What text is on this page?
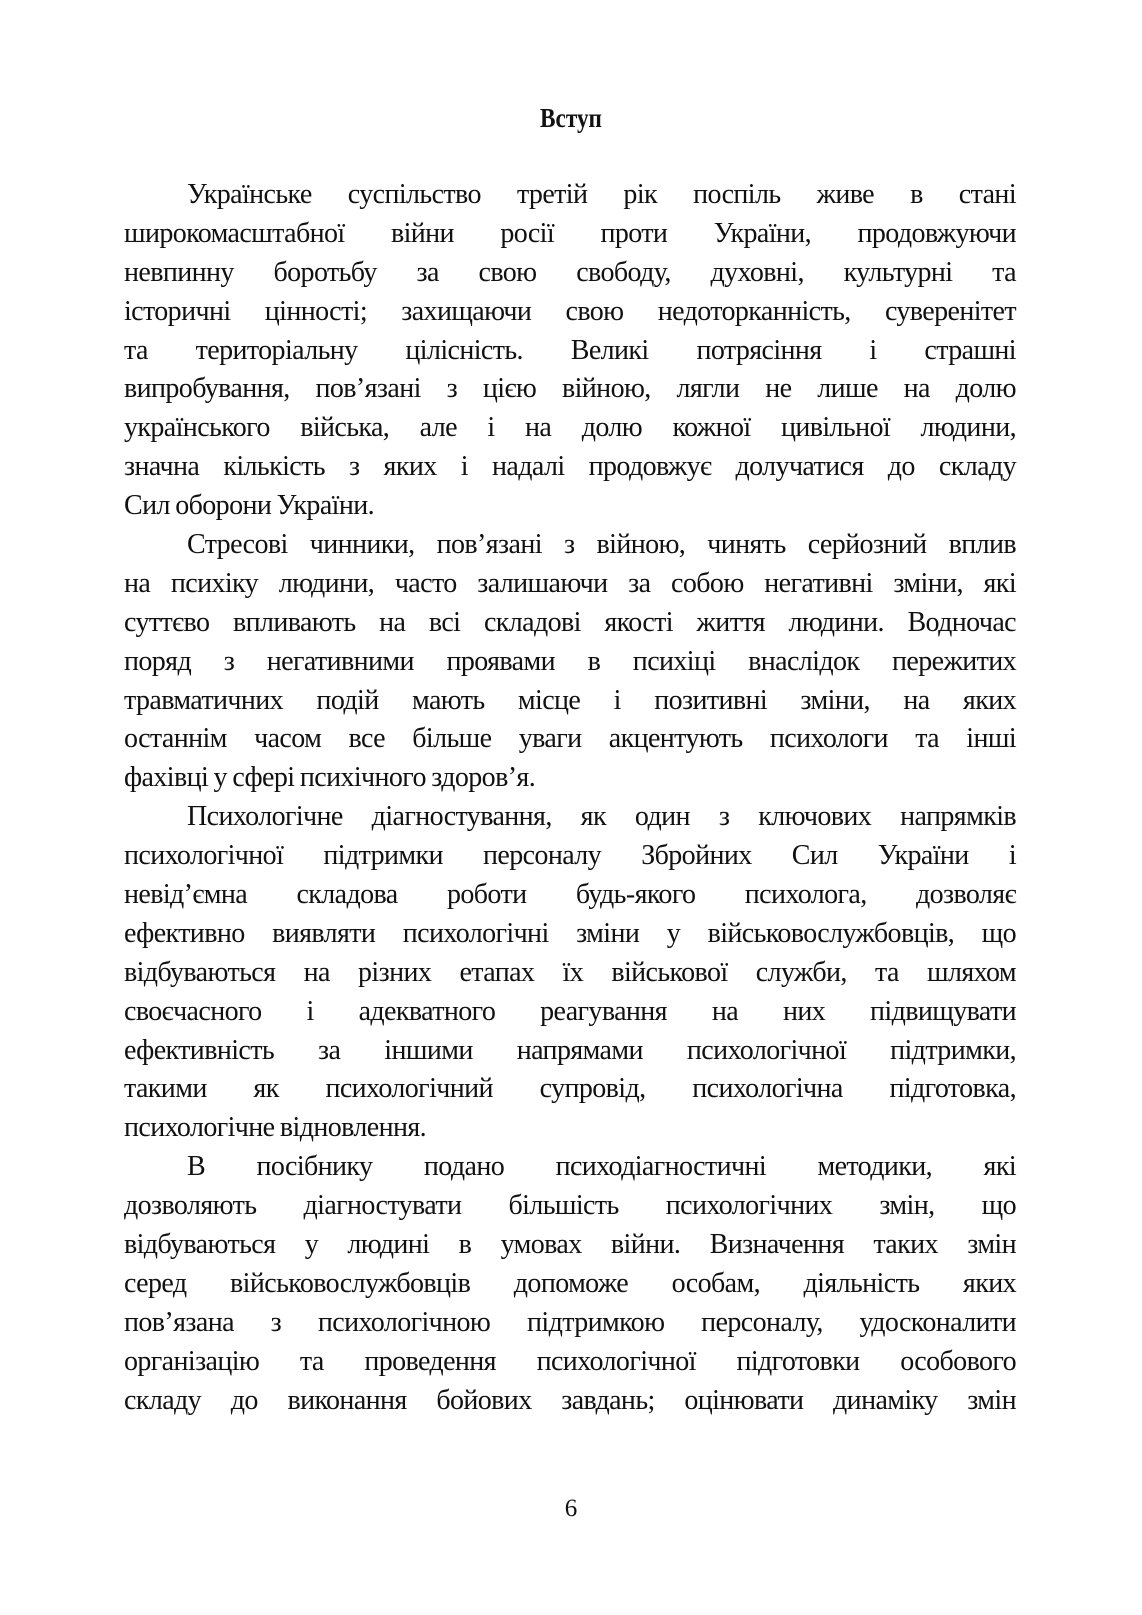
Вступ
Українське суспільство третій рік поспіль живе в стані
широкомасштабної війни росії проти України, продовжуючи
невпинну боротьбу за свою свободу, духовні, культурні та
історичні цінності; захищаючи свою недоторканність, суверенітет
та територіальну цілісність. Великі потрясіння і страшні
випробування, пов’язані з цією війною, лягли не лише на долю
українського війська, але і на долю кожної цивільної людини,
значна кількість з яких і надалі продовжує долучатися до складу
Сил оборони України.
Стресові чинники, пов’язані з війною, чинять серйозний вплив
на психіку людини, часто залишаючи за собою негативні зміни, які
суттєво впливають на всі складові якості життя людини. Водночас
поряд з негативними проявами в психіці внаслідок пережитих
травматичних подій мають місце і позитивні зміни, на яких
останнім часом все більше уваги акцентують психологи та інші
фахівці у сфері психічного здоров’я.
Психологічне діагностування, як один з ключових напрямків
психологічної підтримки персоналу Збройних Сил України і
невід’ємна складова роботи будь-якого психолога, дозволяє
ефективно виявляти психологічні зміни у військовослужбовців, що
відбуваються на різних етапах їх військової служби, та шляхом
своєчасного і адекватного реагування на них підвищувати
ефективність за іншими напрямами психологічної підтримки,
такими як психологічний супровід, психологічна підготовка,
психологічне відновлення.
В посібнику подано психодіагностичні методики, які
дозволяють діагностувати більшість психологічних змін, що
відбуваються у людині в умовах війни. Визначення таких змін
серед військовослужбовців допоможе особам, діяльність яких
пов’язана з психологічною підтримкою персоналу, удосконалити
організацію та проведення психологічної підготовки особового
складу до виконання бойових завдань; оцінювати динаміку змін
6
